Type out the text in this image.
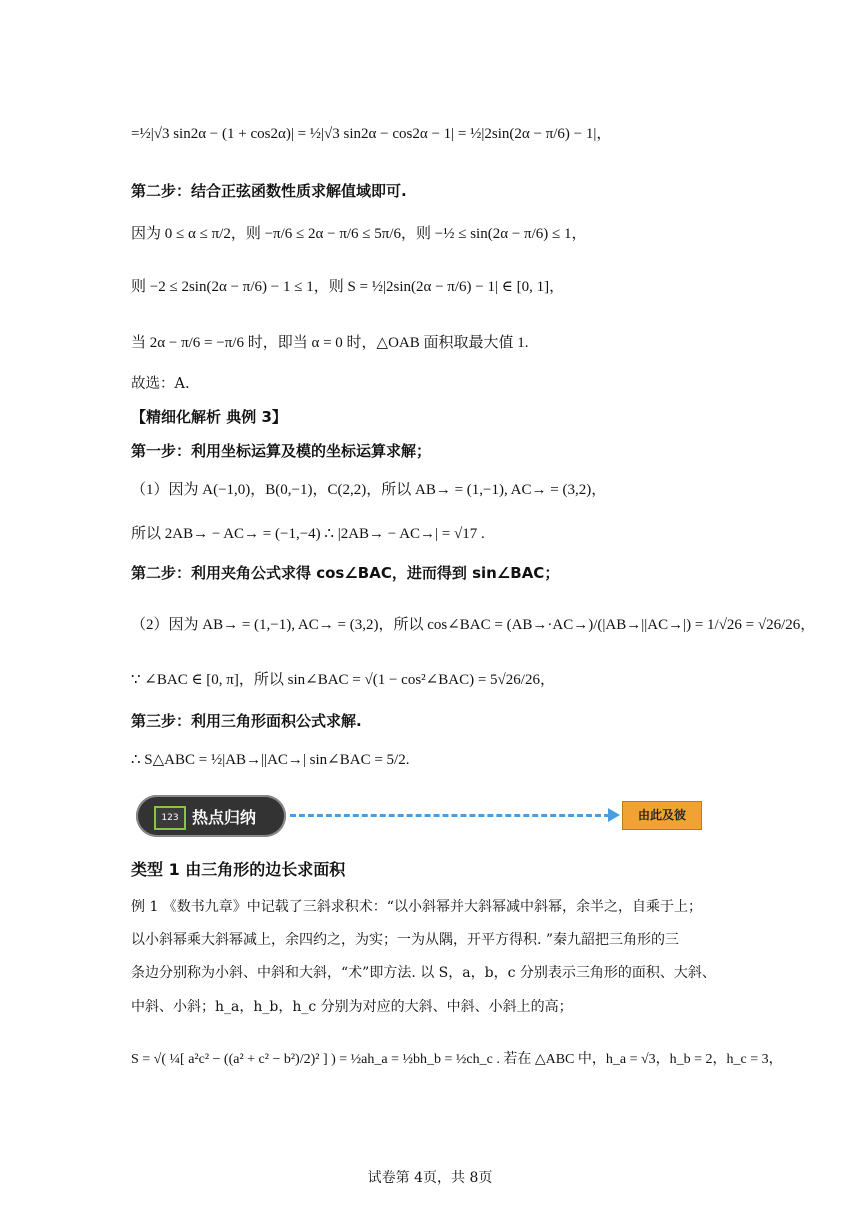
=½|√3 sin2α − (1 + cos2α)| = ½|√3 sin2α − cos2α − 1| = ½|2sin(2α − π/6) − 1|，
第二步：结合正弦函数性质求解值域即可.
因为 0 ≤ α ≤ π/2，则 −π/6 ≤ 2α − π/6 ≤ 5π/6，则 −½ ≤ sin(2α − π/6) ≤ 1，
则 −2 ≤ 2sin(2α − π/6) − 1 ≤ 1，则 S = ½|2sin(2α − π/6) − 1| ∈ [0, 1]，
当 2α − π/6 = −π/6 时，即当 α = 0 时，△OAB 面积取最大值 1.
故选：A.
【精细化解析 典例 3】
第一步：利用坐标运算及模的坐标运算求解；
（1）因为 A(−1,0)，B(0,−1)，C(2,2)，所以 AB→ = (1,−1), AC→ = (3,2)，
所以 2AB→ − AC→ = (−1,−4) ∴ |2AB→ − AC→| = √17 .
第二步：利用夹角公式求得 cos∠BAC，进而得到 sin∠BAC；
（2）因为 AB→ = (1,−1), AC→ = (3,2)，所以 cos∠BAC = (AB→·AC→)/(|AB→||AC→|) = 1/√26 = √26/26，
∵ ∠BAC ∈ [0, π]，所以 sin∠BAC = √(1 − cos²∠BAC) = 5√26/26，
第三步：利用三角形面积公式求解.
∴ S△ABC = ½|AB→||AC→| sin∠BAC = 5/2.
123 热点归纳	由此及彼
类型 1 由三角形的边长求面积
例 1 《数书九章》中记载了三斜求积术：“以小斜幂并大斜幂减中斜幂，余半之，自乘于上；
以小斜幂乘大斜幂减上，余四约之，为实；一为从隅，开平方得积. ”秦九韶把三角形的三
条边分别称为小斜、中斜和大斜，“术”即方法. 以 S，a，b，c 分别表示三角形的面积、大斜、
中斜、小斜；h_a，h_b，h_c 分别为对应的大斜、中斜、小斜上的高；
S = √( ¼[ a²c² − ((a² + c² − b²)/2)² ] ) = ½ah_a = ½bh_b = ½ch_c . 若在 △ABC 中，h_a = √3，h_b = 2，h_c = 3，
试卷第 4页，共 8页
